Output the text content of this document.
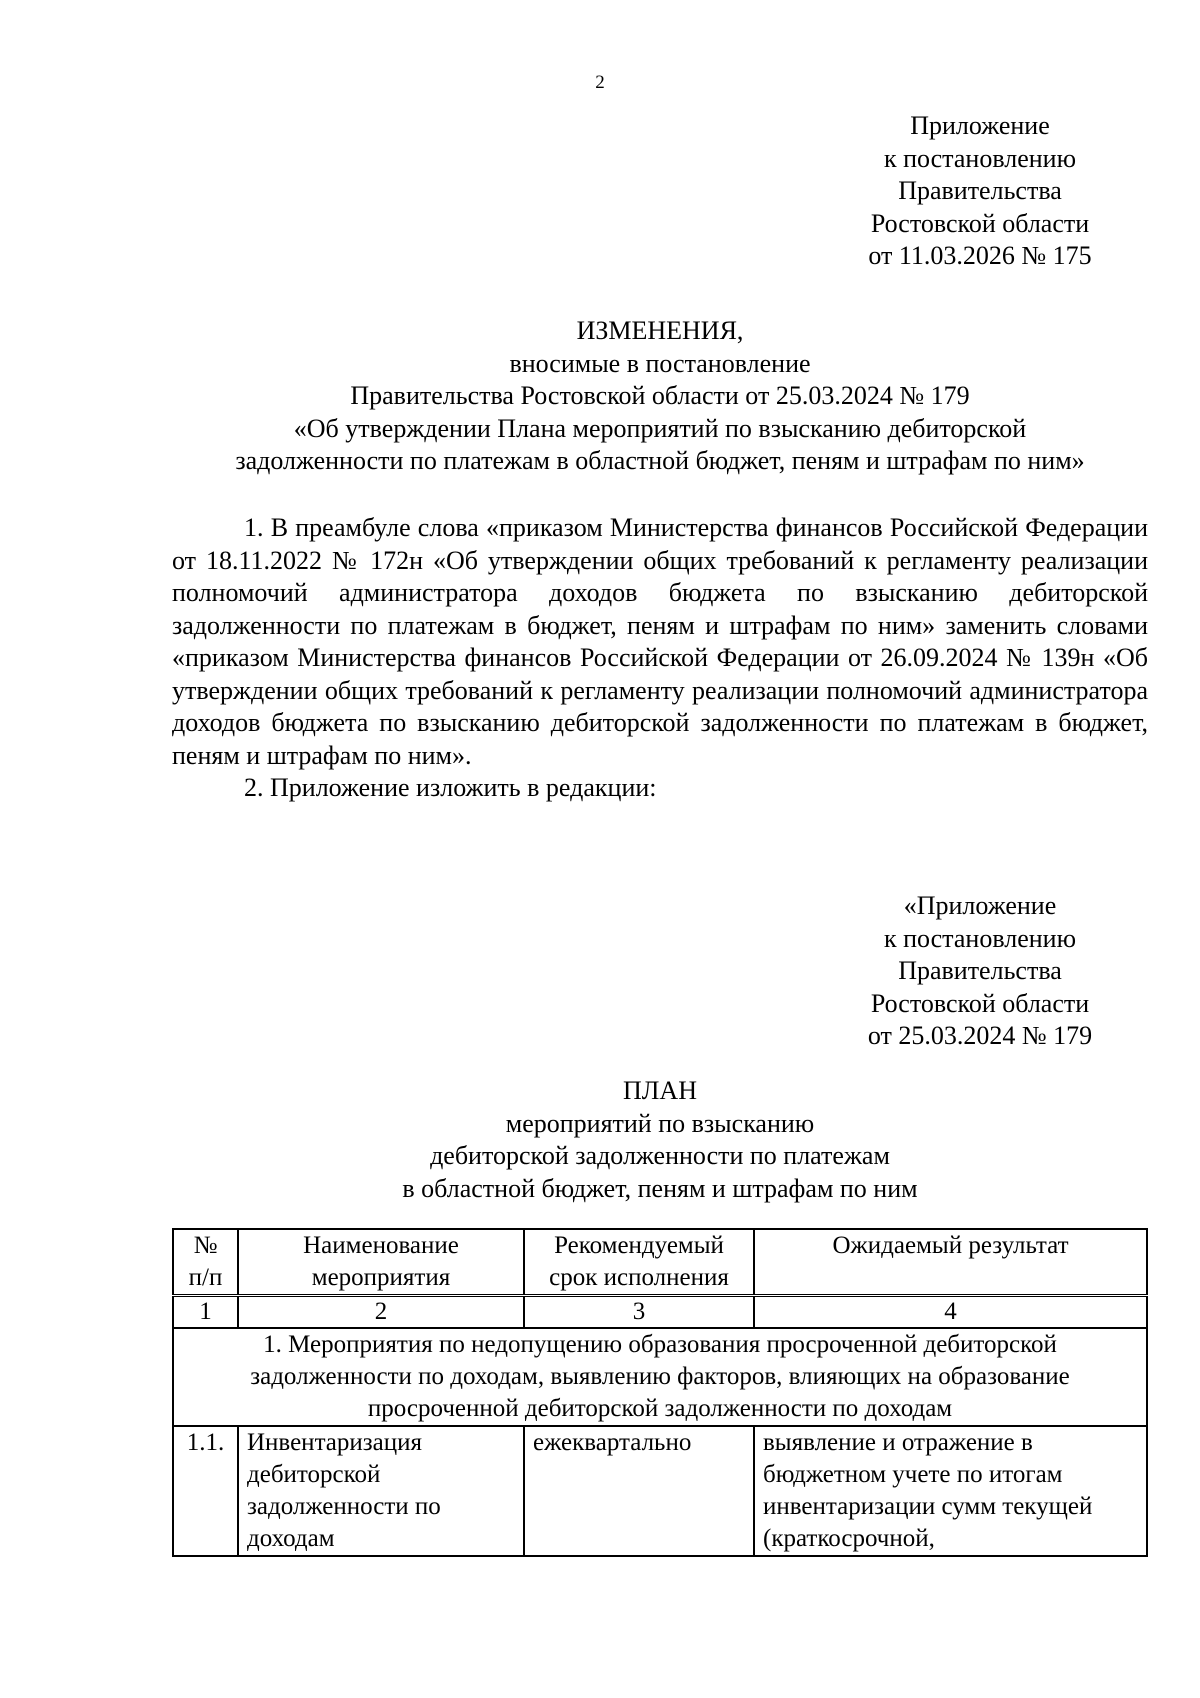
2
Приложение
к постановлению
Правительства
Ростовской области
от 11.03.2026 № 175
ИЗМЕНЕНИЯ,
вносимые в постановление
Правительства Ростовской области от 25.03.2024 № 179
«Об утверждении Плана мероприятий по взысканию дебиторской
задолженности по платежам в областной бюджет, пеням и штрафам по ним»

1. В преамбуле слова «приказом Министерства финансов Российской Федерации от 18.11.2022 № 172н «Об утверждении общих требований к регламенту реализации полномочий администратора доходов бюджета по взысканию дебиторской задолженности по платежам в бюджет, пеням и штрафам по ним» заменить словами «приказом Министерства финансов Российской Федерации от 26.09.2024 № 139н «Об утверждении общих требований к регламенту реализации полномочий администратора доходов бюджета по взысканию дебиторской задолженности по платежам в бюджет, пеням и штрафам по ним».

2. Приложение изложить в редакции:

«Приложение
к постановлению
Правительства
Ростовской области
от 25.03.2024 № 179
ПЛАН
мероприятий по взысканию
дебиторской задолженности по платежам
в областной бюджет, пеням и штрафам по ним
№ п/п	Наименование мероприятия	Рекомендуемый срок исполнения	Ожидаемый результат
1	2	3	4
1. Мероприятия по недопущению образования просроченной дебиторской задолженности по доходам, выявлению факторов, влияющих на образование просроченной дебиторской задолженности по доходам			
1.1.	Инвентаризация дебиторской задолженности по доходам	ежеквартально	выявление и отражение в бюджетном учете по итогам инвентаризации сумм текущей (краткосрочной,
